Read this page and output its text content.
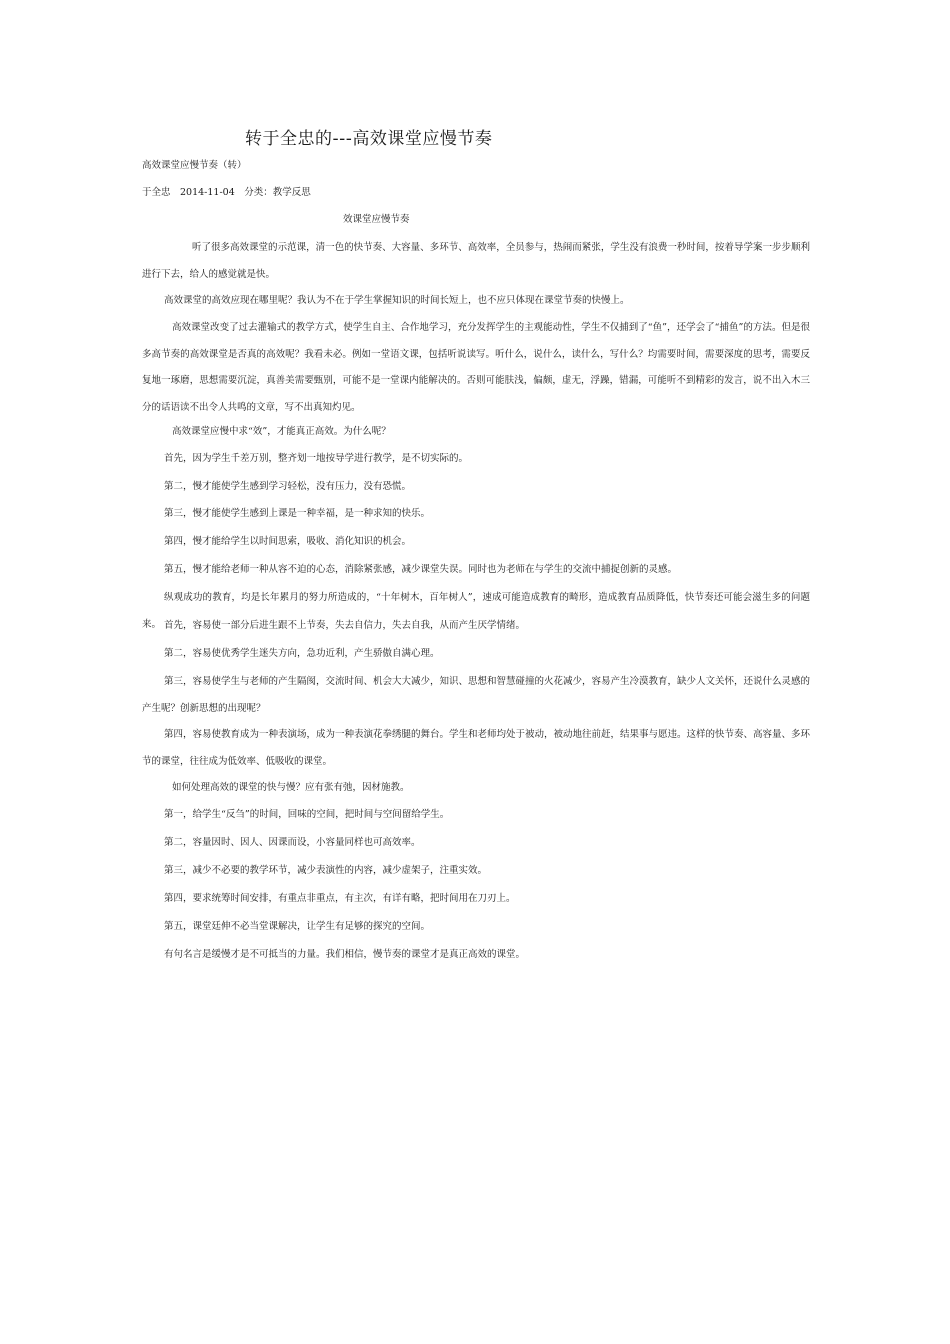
转于全忠的---高效课堂应慢节奏
高效课堂应慢节奏（转）
于全忠　2014-11-04　分类：教学反思
效课堂应慢节奏
听了很多高效课堂的示范课，清一色的快节奏、大容量、多环节、高效率，全员参与，热闹而紧张，学生没有浪费一秒时间，按着导学案一步步顺利进行下去，给人的感觉就是快。
高效课堂的高效应现在哪里呢？我认为不在于学生掌握知识的时间长短上，也不应只体现在课堂节奏的快慢上。
高效课堂改变了过去灌输式的教学方式，使学生自主、合作地学习，充分发挥学生的主观能动性，学生不仅捕到了“鱼”，还学会了“捕鱼”的方法。但是很多高节奏的高效课堂是否真的高效呢？我看未必。例如一堂语文课，包括听说读写。听什么，说什么，读什么，写什么？均需要时间，需要深度的思考，需要反复地一琢磨，思想需要沉淀，真善美需要甄别，可能不是一堂课内能解决的。否则可能肤浅，偏颇，虚无，浮躁，错漏，可能听不到精彩的发言，说不出入木三分的话语读不出令人共鸣的文章，写不出真知灼见。
高效课堂应慢中求“效”，才能真正高效。为什么呢？
首先，因为学生千差万别，整齐划一地按导学进行教学，是不切实际的。
第二，慢才能使学生感到学习轻松，没有压力，没有恐慌。
第三，慢才能使学生感到上课是一种幸福，是一种求知的快乐。
第四，慢才能给学生以时间思索，吸收、消化知识的机会。
第五，慢才能给老师一种从容不迫的心态，消除紧张感，减少课堂失误。同时也为老师在与学生的交流中捕捉创新的灵感。
纵观成功的教育，均是长年累月的努力所造成的，“十年树木，百年树人”，速成可能造成教育的畸形，造成教育品质降低，快节奏还可能会滋生多的问题来。 首先，容易使一部分后进生跟不上节奏，失去自信力，失去自我，从而产生厌学情绪。
第二，容易使优秀学生迷失方向，急功近利，产生骄傲自满心理。
第三，容易使学生与老师的产生隔阂，交流时间、机会大大减少，知识、思想和智慧碰撞的火花减少，容易产生冷漠教育，缺少人文关怀，还说什么灵感的产生呢？创新思想的出现呢？
第四，容易使教育成为一种表演场，成为一种表演花拳绣腿的舞台。学生和老师均处于被动，被动地往前赶，结果事与愿违。这样的快节奏、高容量、多环节的课堂，往往成为低效率、低吸收的课堂。
如何处理高效的课堂的快与慢？应有张有弛，因材施教。
第一，给学生“反刍”的时间，回味的空间，把时间与空间留给学生。
第二，容量因时、因人、因课而设，小容量同样也可高效率。
第三，减少不必要的教学环节，减少表演性的内容，减少虚架子，注重实效。
第四，要求统筹时间安排，有重点非重点，有主次，有详有略，把时间用在刀刃上。
第五，课堂廷伸不必当堂课解决，让学生有足够的探究的空间。
有句名言是缓慢才是不可抵当的力量。我们相信，慢节奏的课堂才是真正高效的课堂。
